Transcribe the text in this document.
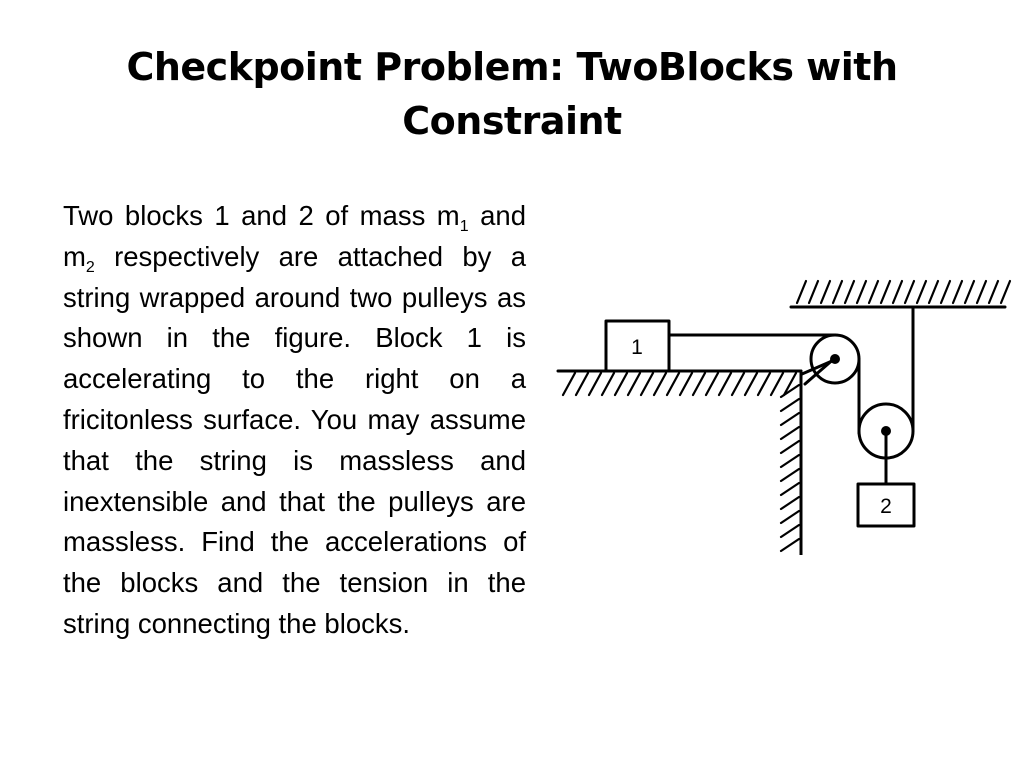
Checkpoint Problem: TwoBlocks with
Constraint
Two blocks 1 and 2 of mass $m_1$ and $m_2$ respectively are attached by a string wrapped around two pulleys as shown in the figure. Block 1 is accelerating to the right on a fricitonless surface. You may assume that the string is massless and inextensible and that the pulleys are massless. Find the accelerations of the blocks and the tension in the string connecting the blocks.
1
2
